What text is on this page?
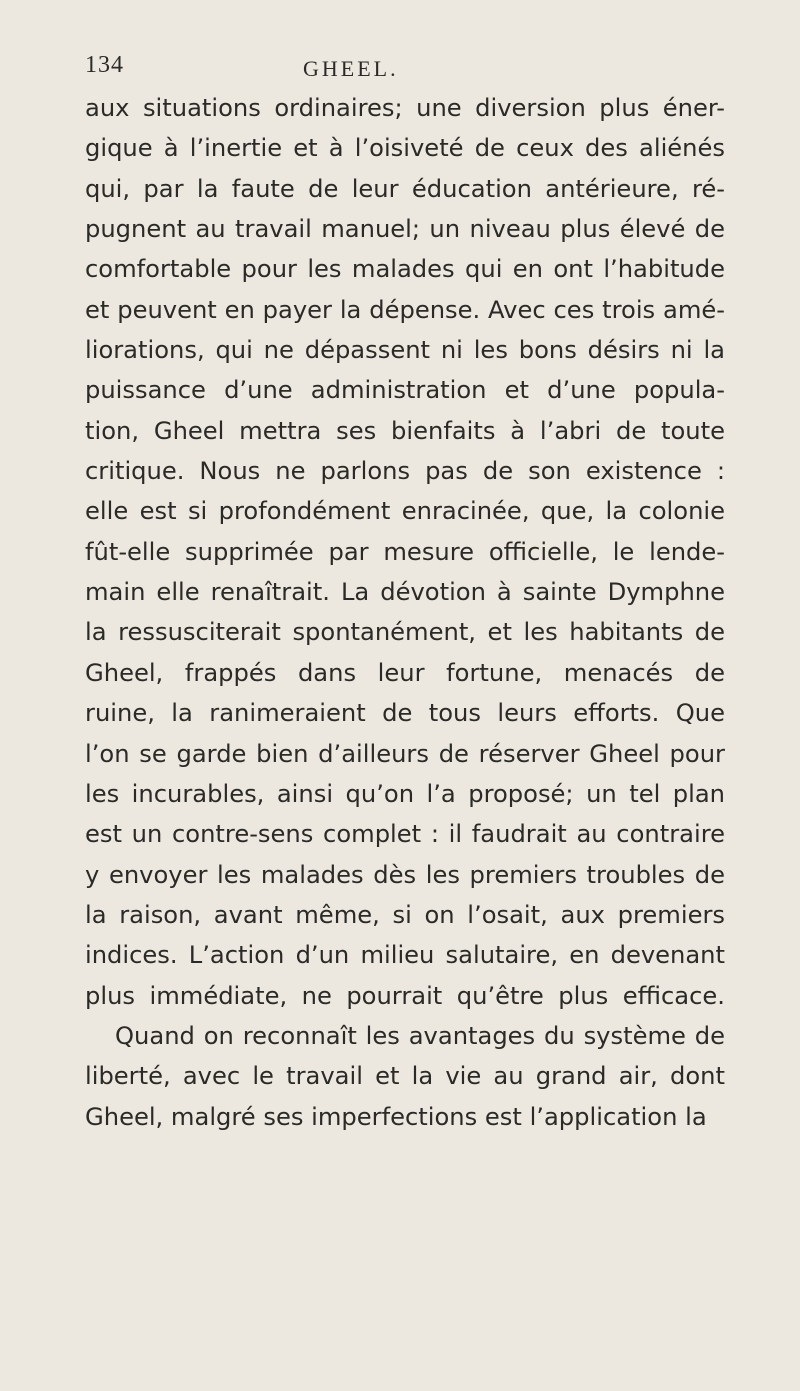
134	GHEEL.
aux situations ordinaires; une diversion plus éner-
gique à l’inertie et à l’oisiveté de ceux des aliénés
qui, par la faute de leur éducation antérieure, ré-
pugnent au travail manuel; un niveau plus élevé de
comfortable pour les malades qui en ont l’habitude
et peuvent en payer la dépense. Avec ces trois amé-
liorations, qui ne dépassent ni les bons désirs ni la
puissance d’une administration et d’une popula-
tion, Gheel mettra ses bienfaits à l’abri de toute
critique. Nous ne parlons pas de son existence :
elle est si profondément enracinée, que, la colonie
fût-elle supprimée par mesure officielle, le lende-
main elle renaîtrait. La dévotion à sainte Dymphne
la ressusciterait spontanément, et les habitants de
Gheel, frappés dans leur fortune, menacés de
ruine, la ranimeraient de tous leurs efforts. Que
l’on se garde bien d’ailleurs de réserver Gheel pour
les incurables, ainsi qu’on l’a proposé; un tel plan
est un contre-sens complet : il faudrait au contraire
y envoyer les malades dès les premiers troubles de
la raison, avant même, si on l’osait, aux premiers
indices. L’action d’un milieu salutaire, en devenant
plus immédiate, ne pourrait qu’être plus efficace.
Quand on reconnaît les avantages du système de
liberté, avec le travail et la vie au grand air, dont
Gheel, malgré ses imperfections est l’application la
